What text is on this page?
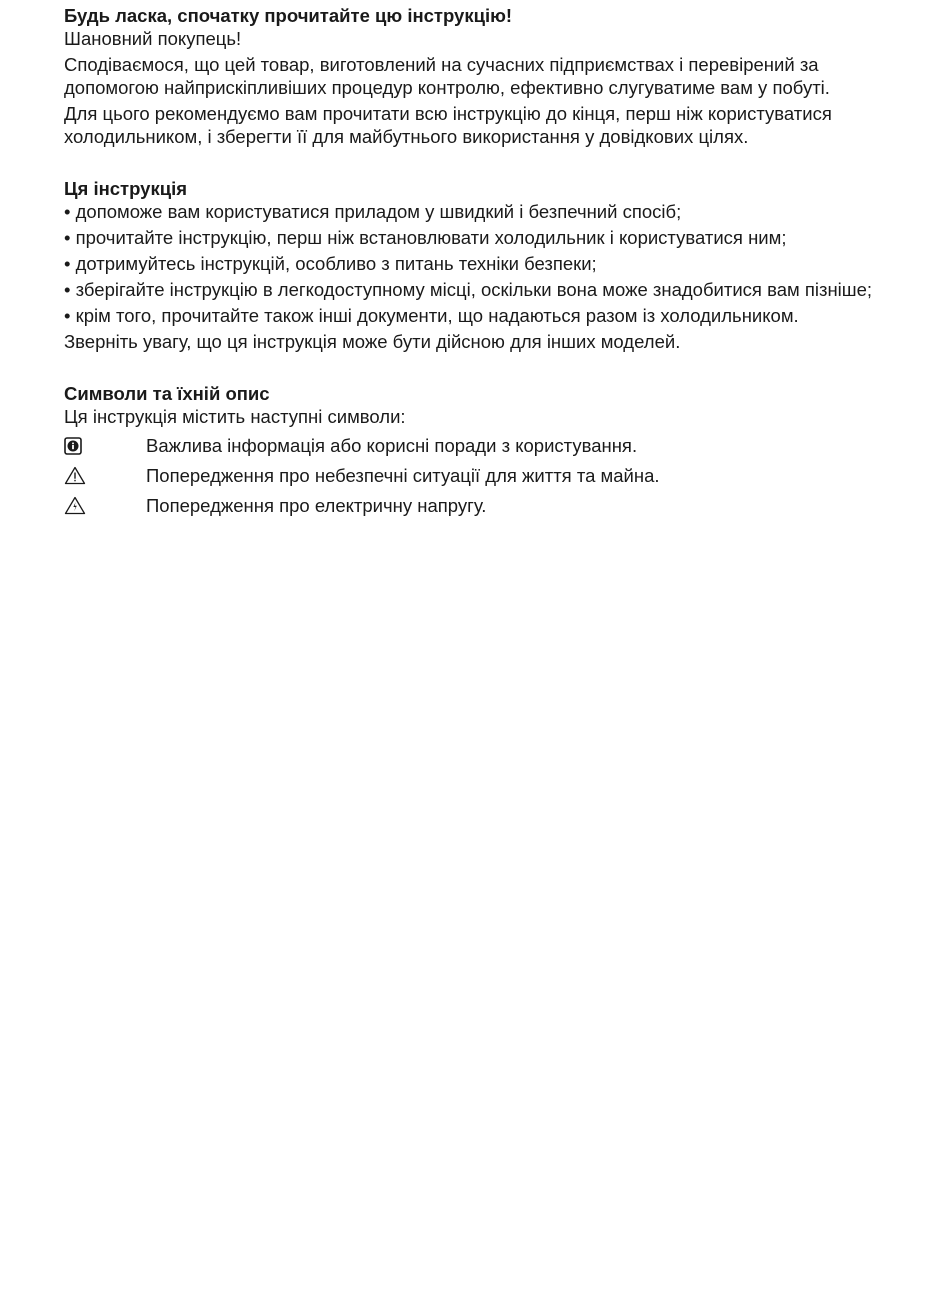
Будь ласка, спочатку прочитайте цю інструкцію!

Шановний покупець!

Сподіваємося, що цей товар, виготовлений на сучасних підприємствах і перевірений за допомогою найприскіпливіших процедур контролю, ефективно слугуватиме вам у побуті.

Для цього рекомендуємо вам прочитати всю інструкцію до кінця, перш ніж користуватися холодильником, і зберегти її для майбутнього використання у довідкових цілях.

Ця інструкція

• допоможе вам користуватися приладом у швидкий і безпечний спосіб;

• прочитайте інструкцію, перш ніж встановлювати холодильник і користуватися ним;

• дотримуйтесь інструкцій, особливо з питань техніки безпеки;

• зберігайте інструкцію в легкодоступному місці, оскільки вона може знадобитися вам пізніше;

• крім того, прочитайте також інші документи, що надаються разом із холодильником.

Зверніть увагу, що ця інструкція може бути дійсною для інших моделей.

Символи та їхній опис

Ця інструкція містить наступні символи:

Важлива інформація або корисні поради з користування.
Попередження про небезпечні ситуації для життя та майна.
Попередження про електричну напругу.
